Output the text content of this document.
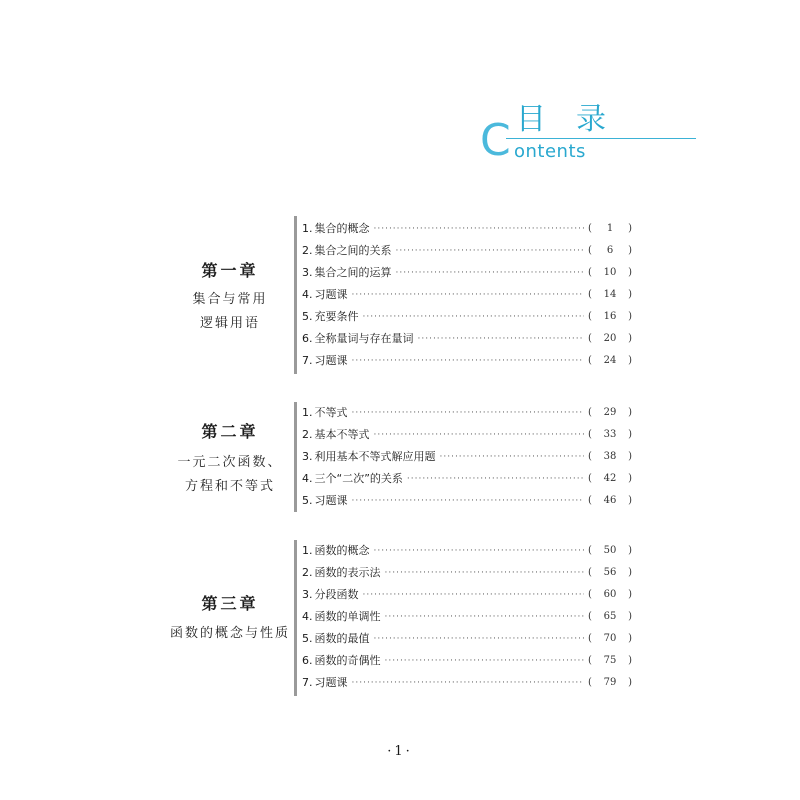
目录
C ontents
第一章
集合与常用
逻辑用语
1. 集合的概念 ·····	(	1	)
2. 集合之间的关系 ·····	(	6	)
3. 集合之间的运算 ·····	(	10	)
4. 习题课 ·····	(	14	)
5. 充要条件 ·····	(	16	)
6. 全称量词与存在量词 ·····	(	20	)
7. 习题课 ·····	(	24	)
第二章
一元二次函数、
方程和不等式
1. 不等式 ·····	(	29	)
2. 基本不等式 ·····	(	33	)
3. 利用基本不等式解应用题 ·····	(	38	)
4. 三个“二次”的关系 ·····	(	42	)
5. 习题课 ·····	(	46	)
第三章
函数的概念与性质
1. 函数的概念 ·····	(	50	)
2. 函数的表示法 ·····	(	56	)
3. 分段函数 ·····	(	60	)
4. 函数的单调性 ·····	(	65	)
5. 函数的最值 ·····	(	70	)
6. 函数的奇偶性 ·····	(	75	)
7. 习题课 ·····	(	79	)
·1·
